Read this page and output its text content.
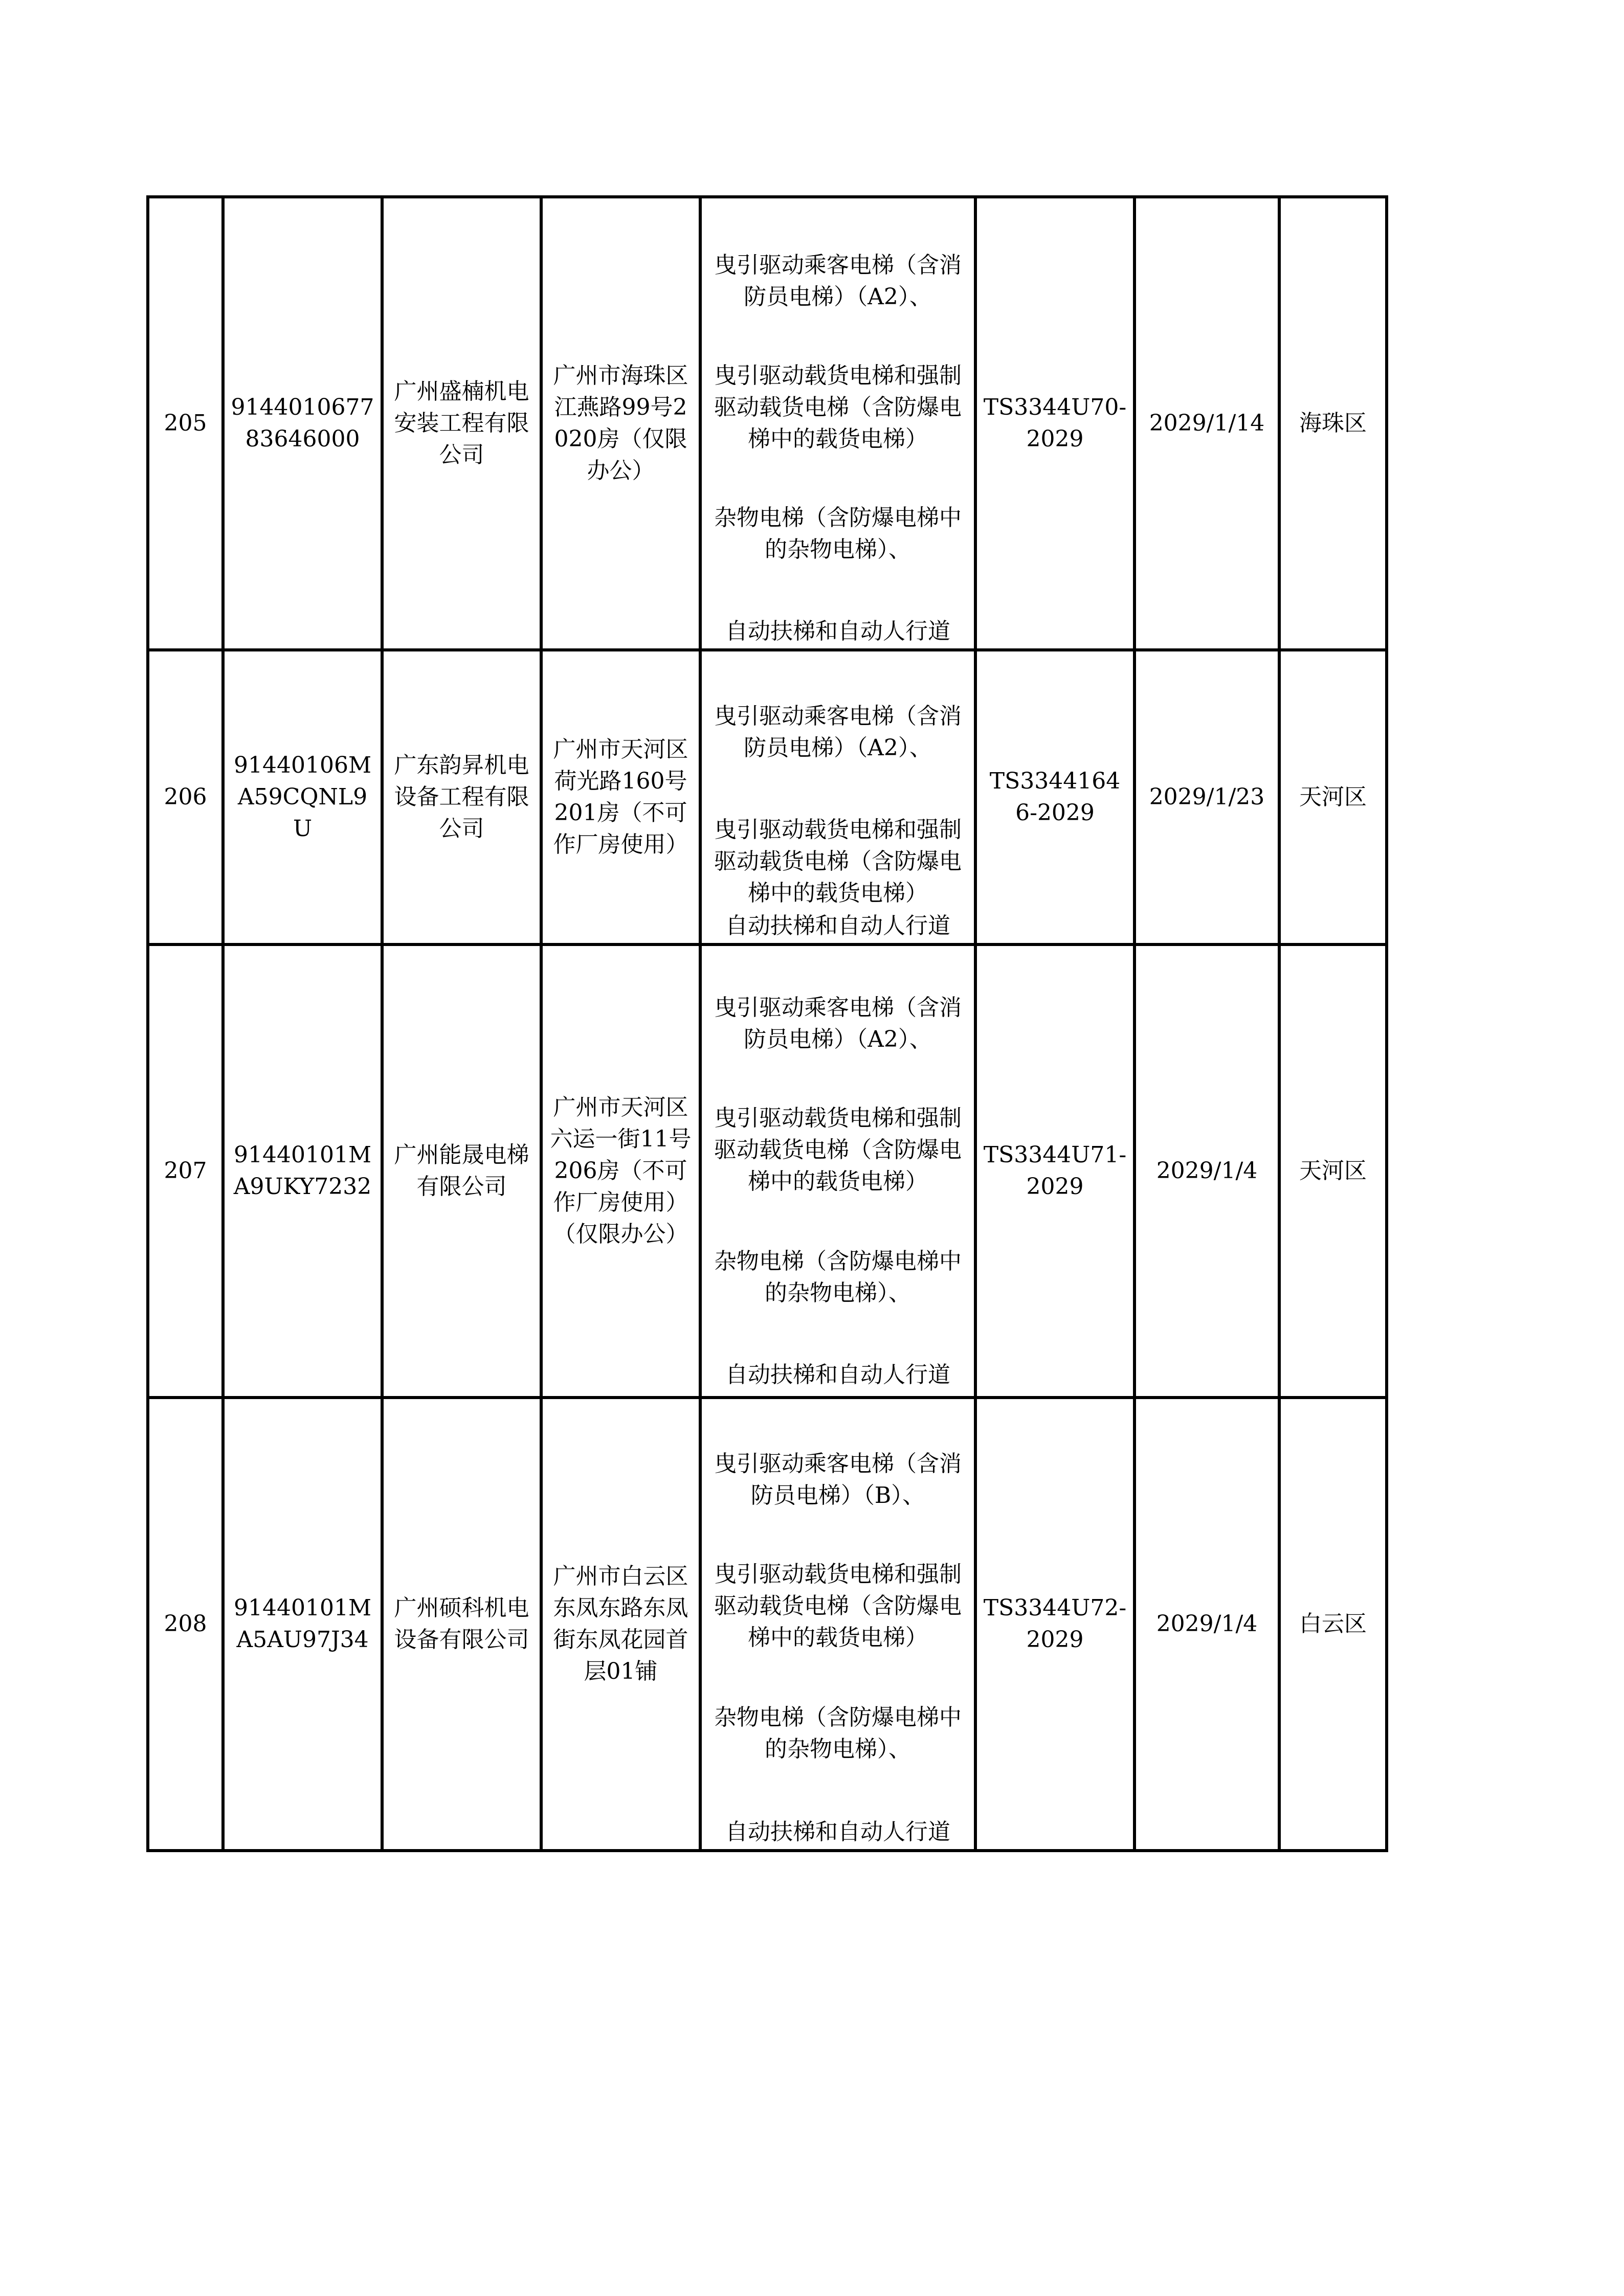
205	914401067783646000	广州盛楠机电安装工程有限公司	广州市海珠区江燕路99号2020房（仅限办公）	曳引驱动乘客电梯（含消防员电梯）（A2）、
曳引驱动载货电梯和强制驱动载货电梯（含防爆电梯中的载货电梯）
杂物电梯（含防爆电梯中的杂物电梯）、
自动扶梯和自动人行道	TS3344U70-2029	2029/1/14	海珠区
206	91440106MA59CQNL9U	广东韵昇机电设备工程有限公司	广州市天河区荷光路160号201房（不可作厂房使用）	曳引驱动乘客电梯（含消防员电梯）（A2）、
曳引驱动载货电梯和强制驱动载货电梯（含防爆电梯中的载货电梯）
自动扶梯和自动人行道	TS33441646-2029	2029/1/23	天河区
207	91440101MA9UKY7232	广州能晟电梯有限公司	广州市天河区六运一街11号206房（不可作厂房使用）（仅限办公）	曳引驱动乘客电梯（含消防员电梯）（A2）、
曳引驱动载货电梯和强制驱动载货电梯（含防爆电梯中的载货电梯）
杂物电梯（含防爆电梯中的杂物电梯）、
自动扶梯和自动人行道	TS3344U71-2029	2029/1/4	天河区
208	91440101MA5AU97J34	广州硕科机电设备有限公司	广州市白云区东凤东路东凤街东凤花园首层01铺	曳引驱动乘客电梯（含消防员电梯）（B）、
曳引驱动载货电梯和强制驱动载货电梯（含防爆电梯中的载货电梯）
杂物电梯（含防爆电梯中的杂物电梯）、
自动扶梯和自动人行道	TS3344U72-2029	2029/1/4	白云区
